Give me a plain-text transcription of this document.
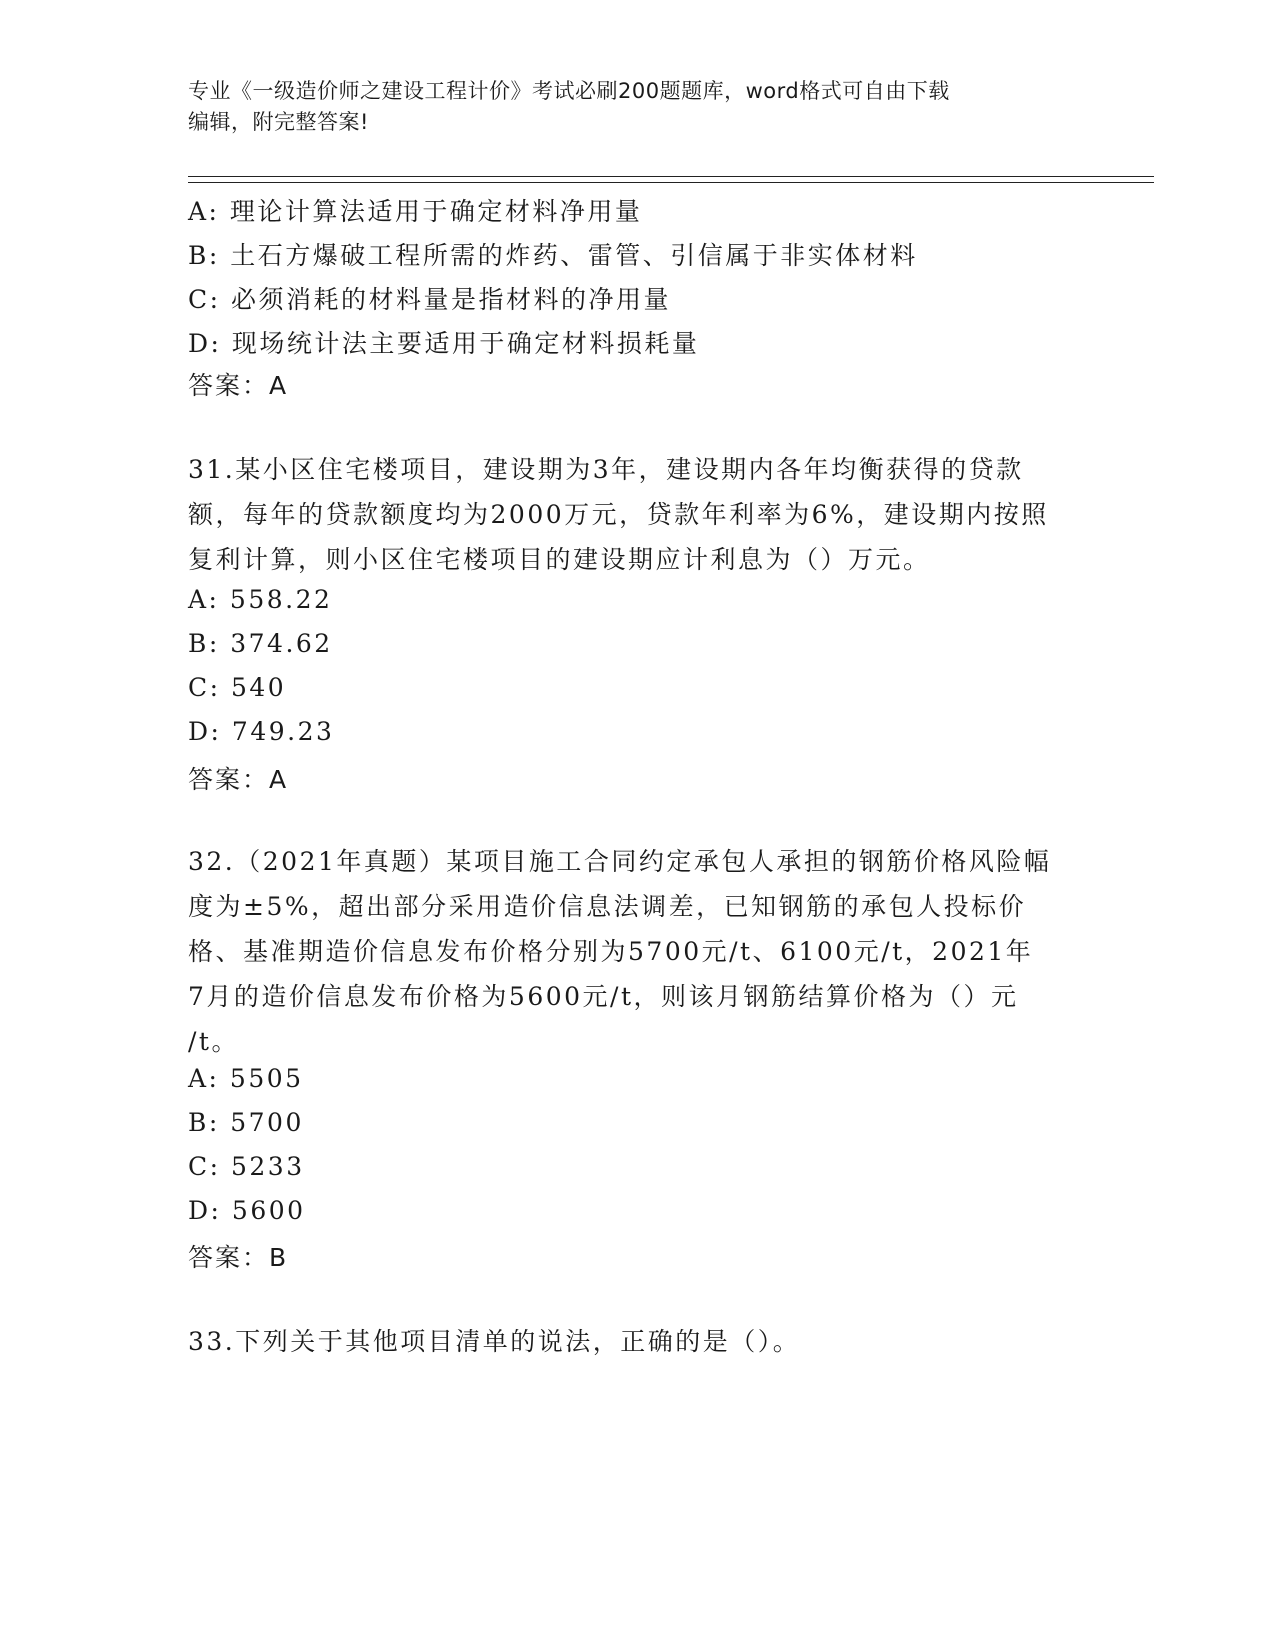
专业《一级造价师之建设工程计价》考试必刷200题题库，word格式可自由下载
编辑，附完整答案!
A: 理论计算法适用于确定材料净用量
B: 土石方爆破工程所需的炸药、雷管、引信属于非实体材料
C: 必须消耗的材料量是指材料的净用量
D: 现场统计法主要适用于确定材料损耗量
答案：A
31.某小区住宅楼项目，建设期为3年，建设期内各年均衡获得的贷款
额，每年的贷款额度均为2000万元，贷款年利率为6%，建设期内按照
复利计算，则小区住宅楼项目的建设期应计利息为（）万元。
A: 558.22
B: 374.62
C: 540
D: 749.23
答案：A
32.（2021年真题）某项目施工合同约定承包人承担的钢筋价格风险幅
度为±5%，超出部分采用造价信息法调差，已知钢筋的承包人投标价
格、基准期造价信息发布价格分别为5700元/t、6100元/t，2021年
7月的造价信息发布价格为5600元/t，则该月钢筋结算价格为（）元
/t。
A: 5505
B: 5700
C: 5233
D: 5600
答案：B
33.下列关于其他项目清单的说法，正确的是（）。
